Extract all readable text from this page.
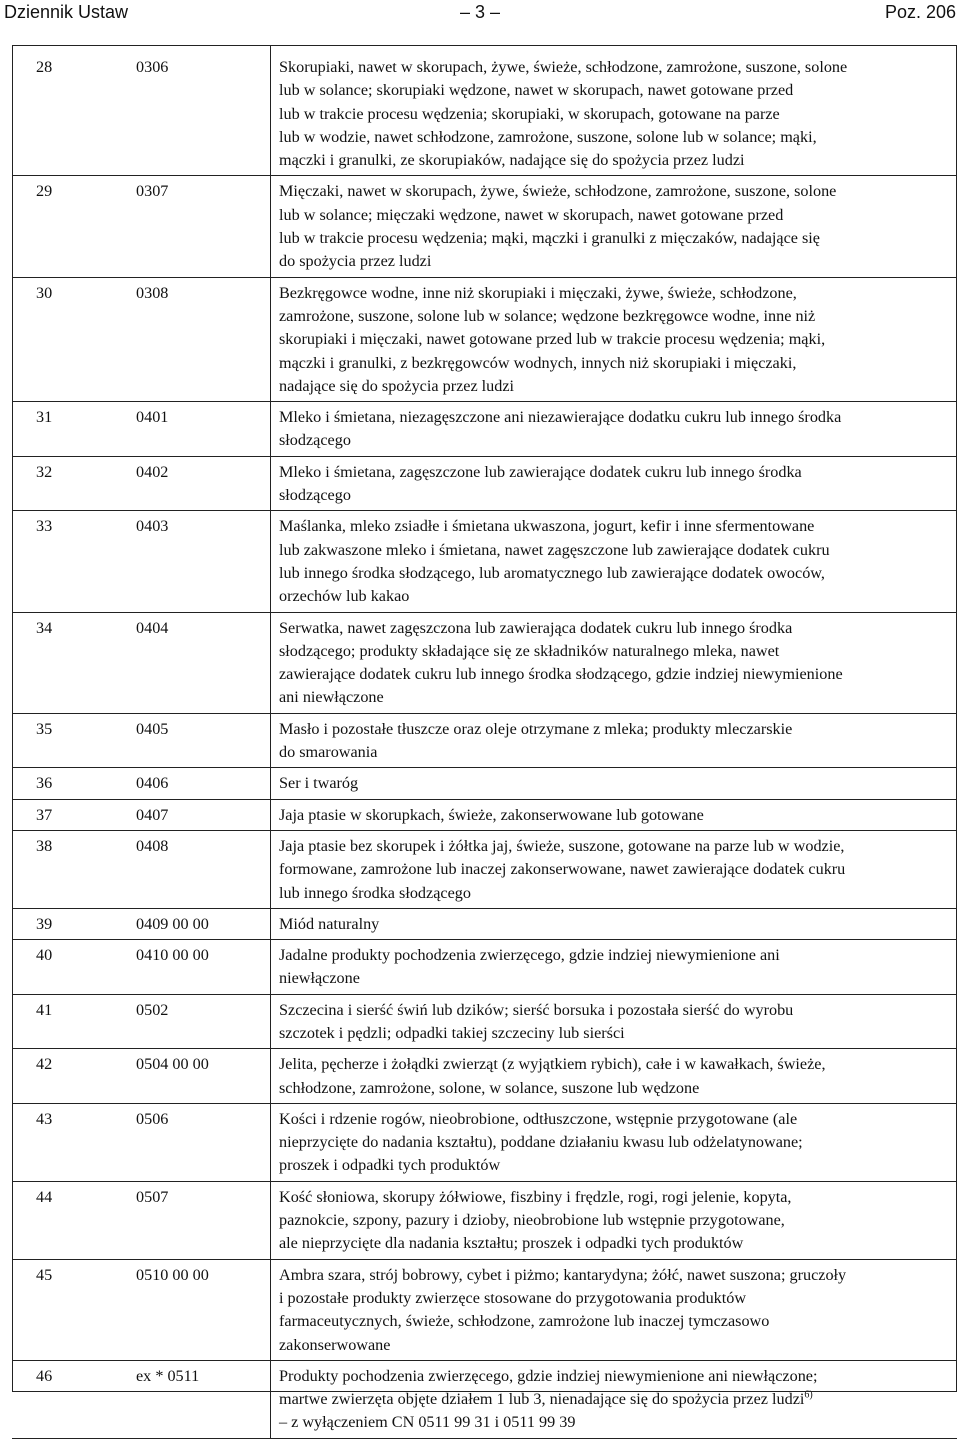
Dziennik Ustaw	– 3 –	Poz. 206
28	0306	Skorupiaki, nawet w skorupach, żywe, świeże, schłodzone, zamrożone, suszone, solone
lub w solance; skorupiaki wędzone, nawet w skorupach, nawet gotowane przed
lub w trakcie procesu wędzenia; skorupiaki, w skorupach, gotowane na parze
lub w wodzie, nawet schłodzone, zamrożone, suszone, solone lub w solance; mąki,
mączki i granulki, ze skorupiaków, nadające się do spożycia przez ludzi

29	0307	Mięczaki, nawet w skorupach, żywe, świeże, schłodzone, zamrożone, suszone, solone
lub w solance; mięczaki wędzone, nawet w skorupach, nawet gotowane przed
lub w trakcie procesu wędzenia; mąki, mączki i granulki z mięczaków, nadające się
do spożycia przez ludzi

30	0308	Bezkręgowce wodne, inne niż skorupiaki i mięczaki, żywe, świeże, schłodzone,
zamrożone, suszone, solone lub w solance; wędzone bezkręgowce wodne, inne niż
skorupiaki i mięczaki, nawet gotowane przed lub w trakcie procesu wędzenia; mąki,
mączki i granulki, z bezkręgowców wodnych, innych niż skorupiaki i mięczaki,
nadające się do spożycia przez ludzi

31	0401	Mleko i śmietana, niezagęszczone ani niezawierające dodatku cukru lub innego środka
słodzącego

32	0402	Mleko i śmietana, zagęszczone lub zawierające dodatek cukru lub innego środka
słodzącego

33	0403	Maślanka, mleko zsiadłe i śmietana ukwaszona, jogurt, kefir i inne sfermentowane
lub zakwaszone mleko i śmietana, nawet zagęszczone lub zawierające dodatek cukru
lub innego środka słodzącego, lub aromatycznego lub zawierające dodatek owoców,
orzechów lub kakao

34	0404	Serwatka, nawet zagęszczona lub zawierająca dodatek cukru lub innego środka
słodzącego; produkty składające się ze składników naturalnego mleka, nawet
zawierające dodatek cukru lub innego środka słodzącego, gdzie indziej niewymienione
ani niewłączone

35	0405	Masło i pozostałe tłuszcze oraz oleje otrzymane z mleka; produkty mleczarskie
do smarowania

36	0406	Ser i twaróg

37	0407	Jaja ptasie w skorupkach, świeże, zakonserwowane lub gotowane

38	0408	Jaja ptasie bez skorupek i żółtka jaj, świeże, suszone, gotowane na parze lub w wodzie,
formowane, zamrożone lub inaczej zakonserwowane, nawet zawierające dodatek cukru
lub innego środka słodzącego

39	0409 00 00	Miód naturalny

40	0410 00 00	Jadalne produkty pochodzenia zwierzęcego, gdzie indziej niewymienione ani
niewłączone

41	0502	Szczecina i sierść świń lub dzików; sierść borsuka i pozostała sierść do wyrobu
szczotek i pędzli; odpadki takiej szczeciny lub sierści

42	0504 00 00	Jelita, pęcherze i żołądki zwierząt (z wyjątkiem rybich), całe i w kawałkach, świeże,
schłodzone, zamrożone, solone, w solance, suszone lub wędzone

43	0506	Kości i rdzenie rogów, nieobrobione, odtłuszczone, wstępnie przygotowane (ale
nieprzycięte do nadania kształtu), poddane działaniu kwasu lub odżelatynowane;
proszek i odpadki tych produktów

44	0507	Kość słoniowa, skorupy żółwiowe, fiszbiny i frędzle, rogi, rogi jelenie, kopyta,
paznokcie, szpony, pazury i dzioby, nieobrobione lub wstępnie przygotowane,
ale nieprzycięte dla nadania kształtu; proszek i odpadki tych produktów

45	0510 00 00	Ambra szara, strój bobrowy, cybet i piżmo; kantarydyna; żółć, nawet suszona; gruczoły
i pozostałe produkty zwierzęce stosowane do przygotowania produktów
farmaceutycznych, świeże, schłodzone, zamrożone lub inaczej tymczasowo
zakonserwowane

46	ex * 0511	Produkty pochodzenia zwierzęcego, gdzie indziej niewymienione ani niewłączone;
martwe zwierzęta objęte działem 1 lub 3, nienadające się do spożycia przez ludzi$^{6)}$
– z wyłączeniem CN 0511 99 31 i 0511 99 39
